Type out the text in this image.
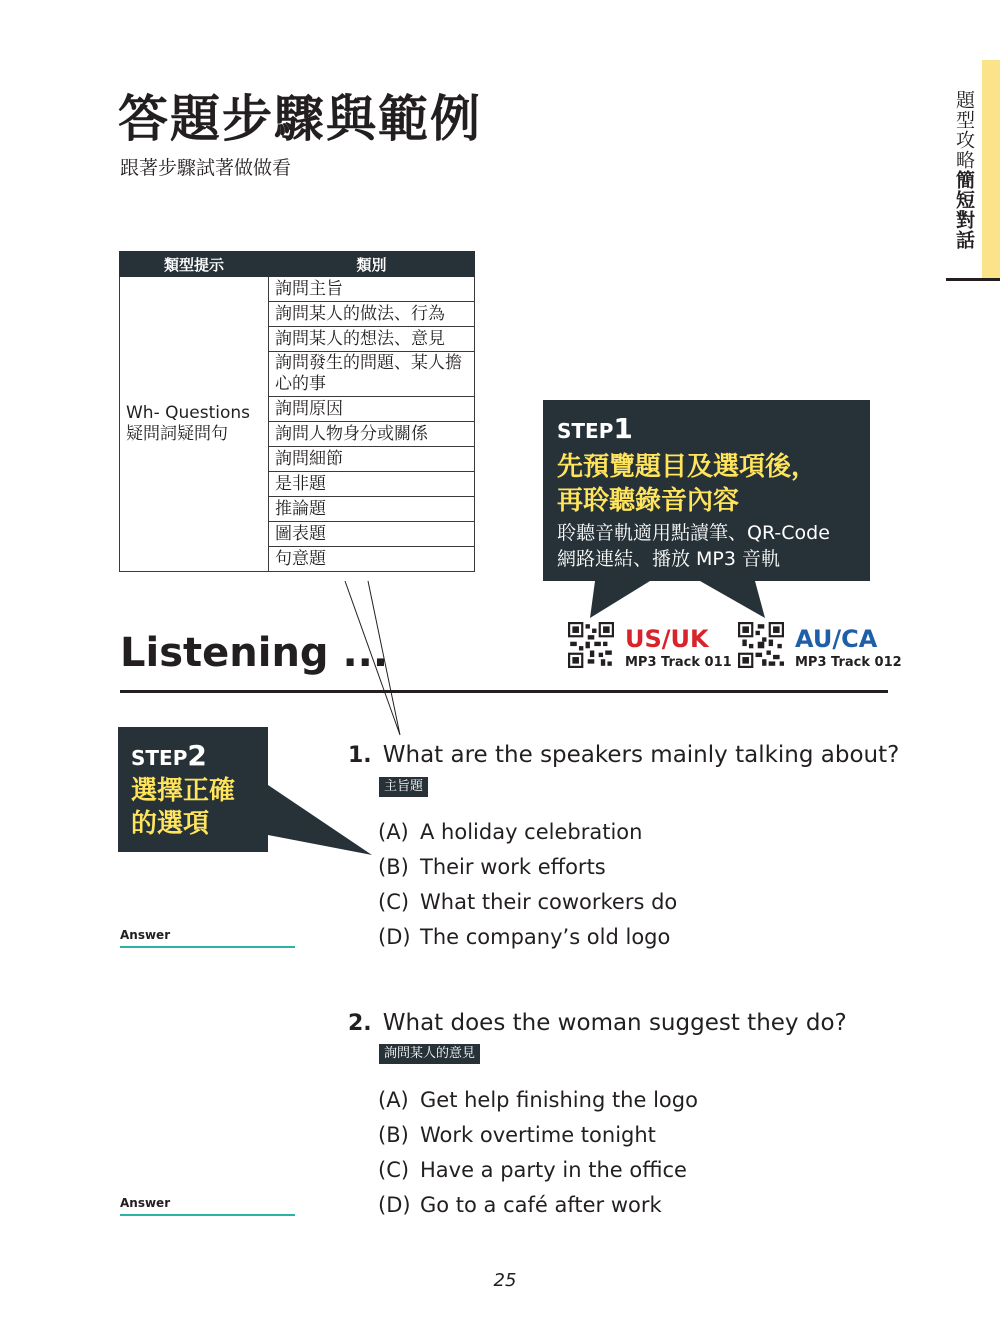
題型攻略簡短對話
答題步驟與範例
跟著步驟試著做做看
類型提示	類別

Wh- Questions
疑問詞疑問句	詢問主旨
	詢問某人的做法、行為
	詢問某人的想法、意見
	詢問發生的問題、某人擔心的事
	詢問原因
	詢問人物身分或關係
	詢問細節
	是非題
	推論題
	圖表題
	句意題
STEP1
先預覽題目及選項後，
再聆聽錄音內容
聆聽音軌適用點讀筆、QR-Code
網路連結、播放 MP3 音軌
US/UK
MP3 Track 011
AU/CA
MP3 Track 012
Listening ...
STEP2
選擇正確
的選項
1. What are the speakers mainly talking about?
主旨題
(A) A holiday celebration
(B) Their work efforts
(C) What their coworkers do
(D) The company’s old logo
Answer
2. What does the woman suggest they do?
詢問某人的意見
(A) Get help finishing the logo
(B) Work overtime tonight
(C) Have a party in the office
(D) Go to a café after work
Answer
25
